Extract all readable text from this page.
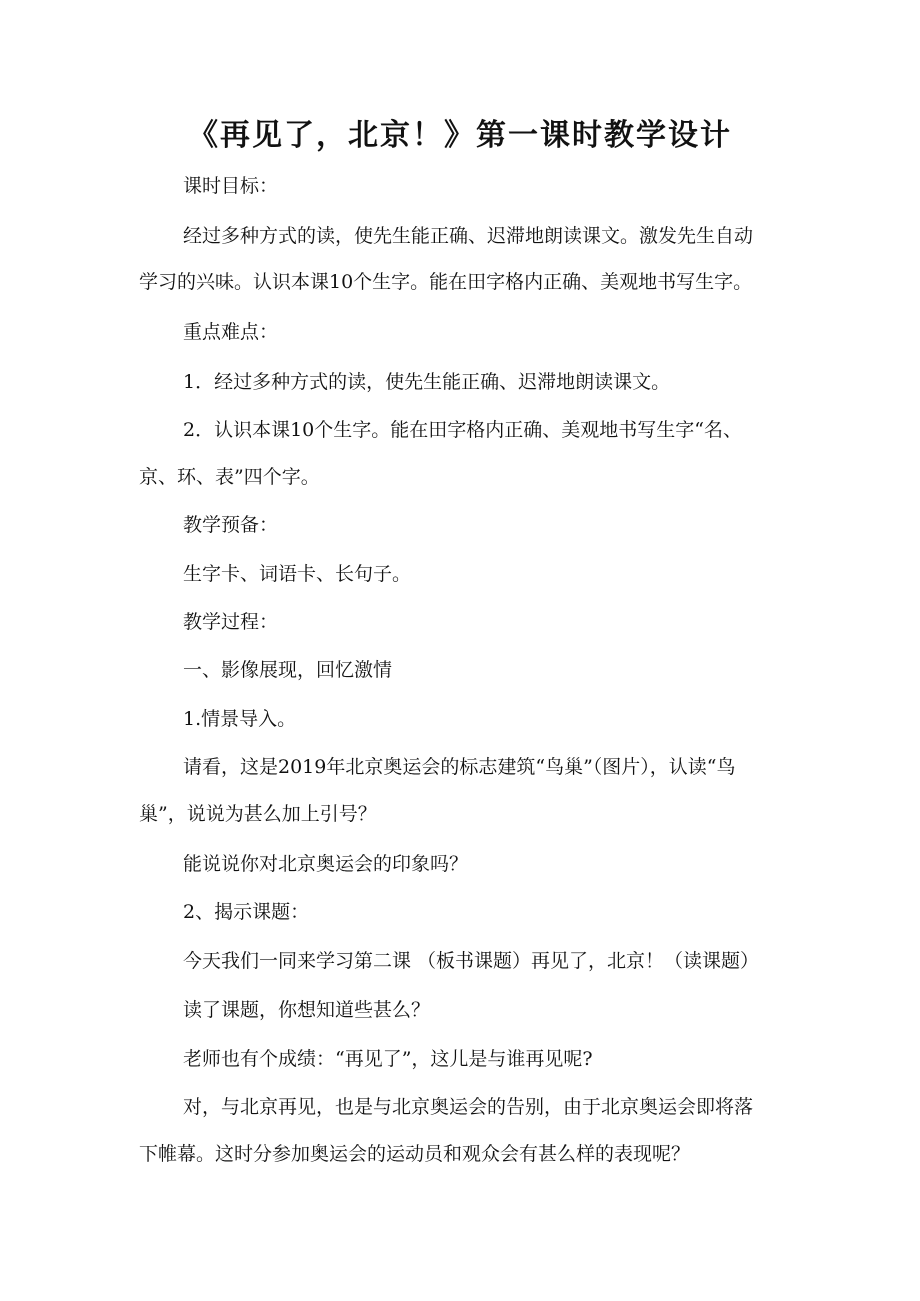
《再见了，北京！》第一课时教学设计

课时目标：

经过多种方式的读，使先生能正确、迟滞地朗读课文。激发先生自动

学习的兴味。认识本课10个生字。能在田字格内正确、美观地书写生字。

重点难点：

1．经过多种方式的读，使先生能正确、迟滞地朗读课文。

2．认识本课10个生字。能在田字格内正确、美观地书写生字“名、

京、环、表”四个字。

教学预备：

生字卡、词语卡、长句子。

教学过程：

一、影像展现，回忆激情

1.情景导入。

请看，这是2019年北京奥运会的标志建筑“鸟巢”（图片），认读“鸟

巢”，说说为甚么加上引号？

能说说你对北京奥运会的印象吗？

2、揭示课题：

今天我们一同来学习第二课 （板书课题）再见了，北京！（读课题）

读了课题，你想知道些甚么？

老师也有个成绩：“再见了”，这儿是与谁再见呢?

对，与北京再见，也是与北京奥运会的告别，由于北京奥运会即将落

下帷幕。这时分参加奥运会的运动员和观众会有甚么样的表现呢？
